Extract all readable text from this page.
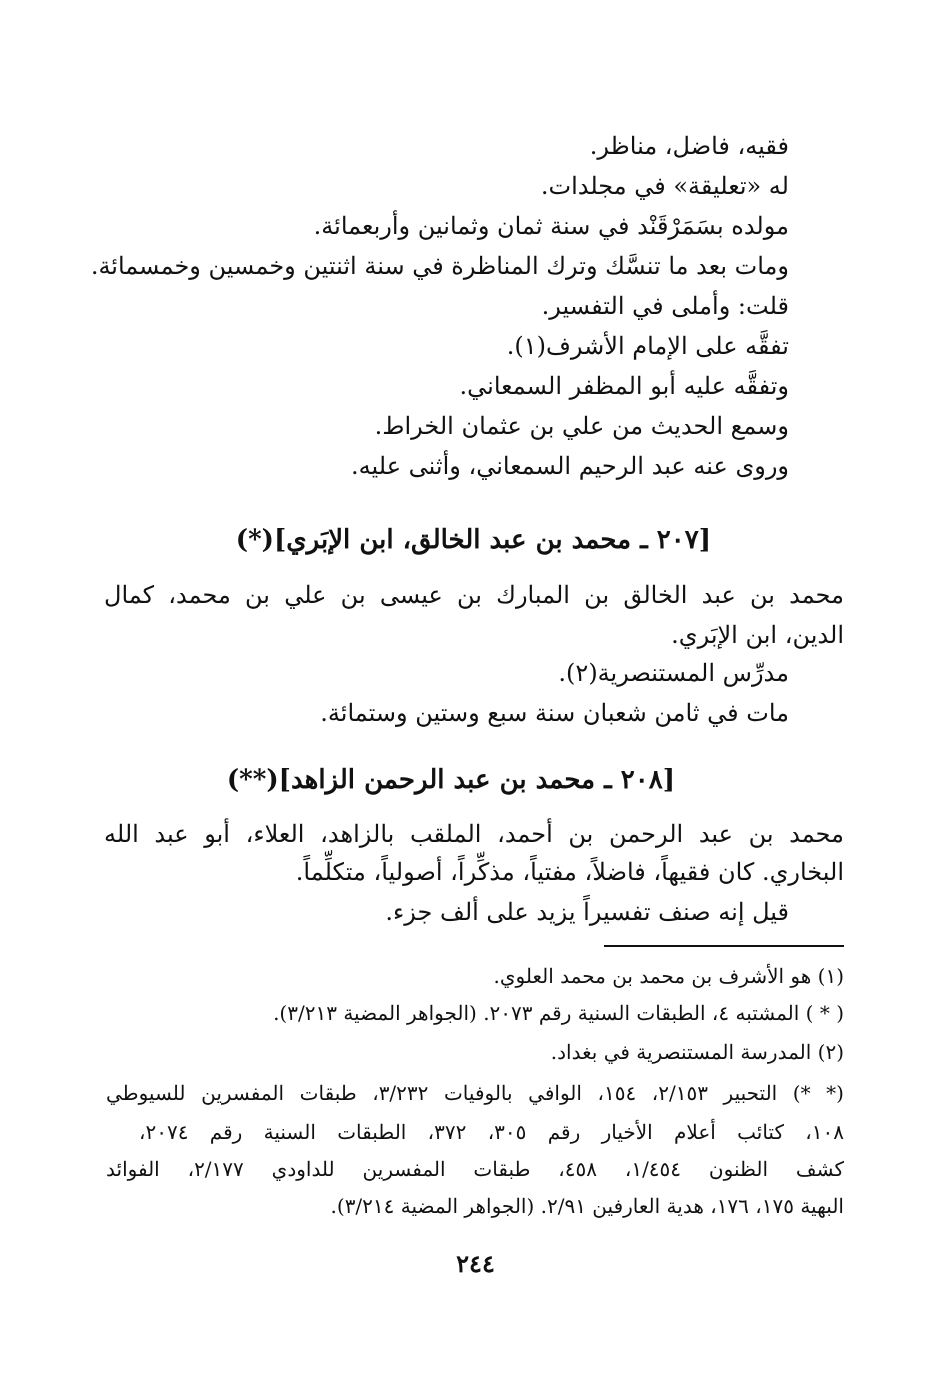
فقيه، فاضل، مناظر.
له «تعليقة» في مجلدات.
مولده بسَمَرْقَنْد في سنة ثمان وثمانين وأربعمائة.
ومات بعد ما تنسَّك وترك المناظرة في سنة اثنتين وخمسين وخمسمائة.
قلت: وأملى في التفسير.
تفقَّه على الإمام الأشرف(١).
وتفقَّه عليه أبو المظفر السمعاني.
وسمع الحديث من علي بن عثمان الخراط.
وروى عنه عبد الرحيم السمعاني، وأثنى عليه.
[٢٠٧ ـ محمد بن عبد الخالق، ابن الإبَري](*)
محمد بن عبد الخالق بن المبارك بن عيسى بن علي بن محمد، كمال
الدين، ابن الإبَري.
مدرِّس المستنصرية(٢).
مات في ثامن شعبان سنة سبع وستين وستمائة.
[٢٠٨ ـ محمد بن عبد الرحمن الزاهد](**)
محمد بن عبد الرحمن بن أحمد، الملقب بالزاهد، العلاء، أبو عبد الله
البخاري. كان فقيهاً، فاضلاً، مفتياً، مذكِّراً، أصولياً، متكلِّماً.
قيل إنه صنف تفسيراً يزيد على ألف جزء.
(١) هو الأشرف بن محمد بن محمد العلوي.
( * ) المشتبه ٤، الطبقات السنية رقم ٢٠٧٣. (الجواهر المضية ٣/٢١٣).
(٢) المدرسة المستنصرية في بغداد.
(* *) التحبير ٢/١٥٣، ١٥٤، الوافي بالوفيات ٣/٢٣٢، طبقات المفسرين للسيوطي
١٠٨، كتائب أعلام الأخيار رقم ٣٠٥، ٣٧٢، الطبقات السنية رقم ٢٠٧٤،
كشف الظنون ١/٤٥٤، ٤٥٨، طبقات المفسرين للداودي ٢/١٧٧، الفوائد
البهية ١٧٥، ١٧٦، هدية العارفين ٢/٩١. (الجواهر المضية ٣/٢١٤).
٢٤٤
